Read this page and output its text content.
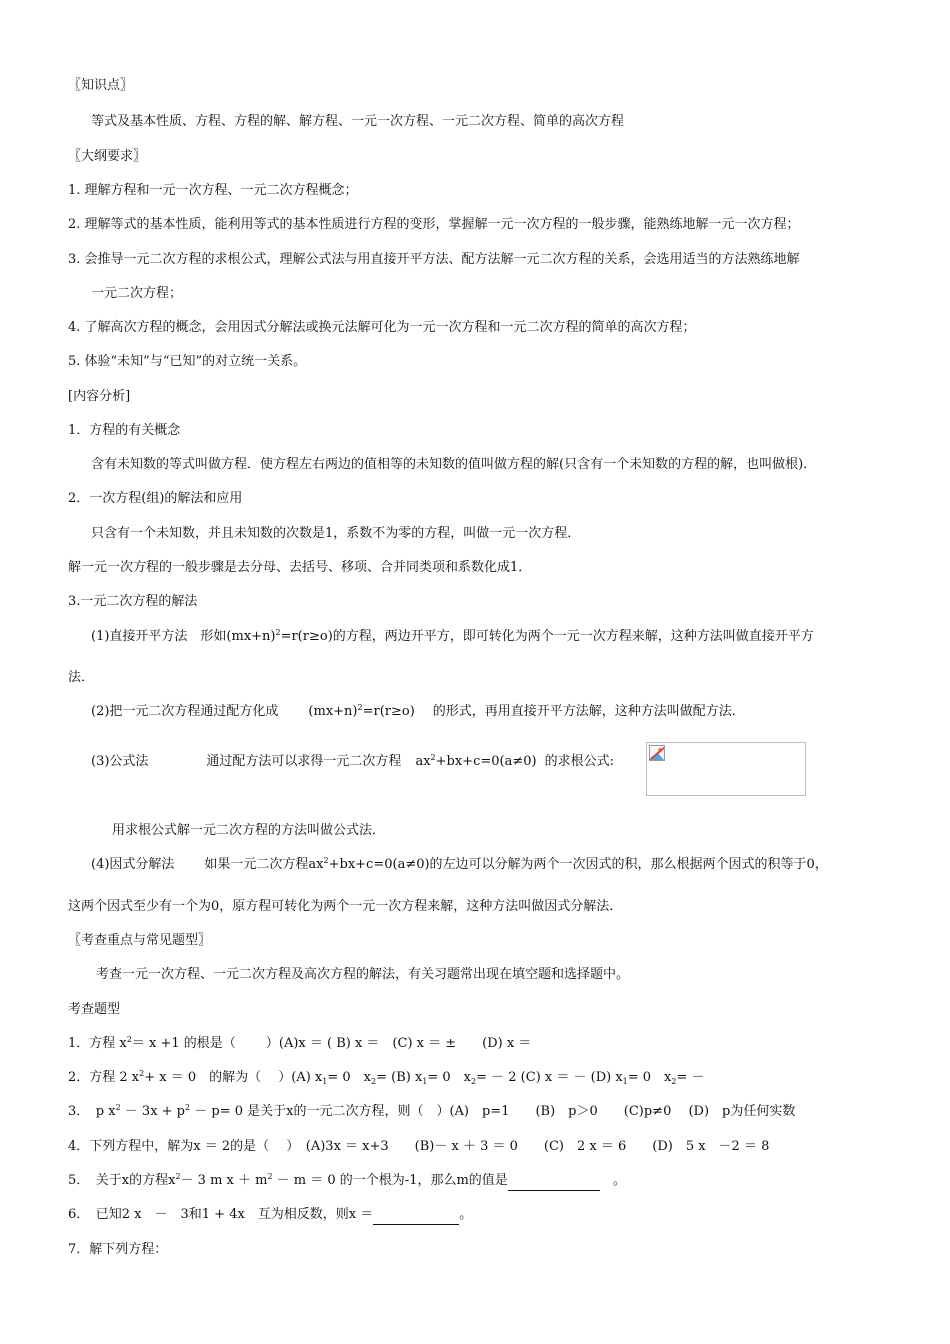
〖知识点〗
等式及基本性质、方程、方程的解、解方程、一元一次方程、一元二次方程、简单的高次方程
〖大纲要求〗
1. 理解方程和一元一次方程、一元二次方程概念；
2. 理解等式的基本性质，能利用等式的基本性质进行方程的变形，掌握解一元一次方程的一般步骤，能熟练地解一元一次方程；
3. 会推导一元二次方程的求根公式，理解公式法与用直接开平方法、配方法解一元二次方程的关系，会选用适当的方法熟练地解
一元二次方程；
4. 了解高次方程的概念，会用因式分解法或换元法解可化为一元一次方程和一元二次方程的简单的高次方程；
5. 体验“未知”与“已知”的对立统一关系。
[内容分析]
1．方程的有关概念
含有未知数的等式叫做方程．使方程左右两边的值相等的未知数的值叫做方程的解(只含有一个未知数的方程的解，也叫做根)．
2．一次方程(组)的解法和应用
只含有一个未知数，并且未知数的次数是1，系数不为零的方程，叫做一元一次方程．
解一元一次方程的一般步骤是去分母、去括号、移项、合并同类项和系数化成1．
3.一元二次方程的解法
(1)直接开平方法　形如$(mx+n)^2=r(r\ge o)$的方程，两边开平方，即可转化为两个一元一次方程来解，这种方法叫做直接开平方
法．
(2)把一元二次方程通过配方化成 $(mx+n)^2=r(r\ge o)$ 的形式，再用直接开平方法解，这种方法叫做配方法．
(3)公式法	通过配方法可以求得一元二次方程 $ax^2+bx+c=0(a\ne 0)$ 的求根公式:
用求根公式解一元二次方程的方法叫做公式法．
(4)因式分解法 如果一元二次方程$ax^2+bx+c=0(a\ne 0)$的左边可以分解为两个一次因式的积，那么根据两个因式的积等于0，
这两个因式至少有一个为0，原方程可转化为两个一元一次方程来解，这种方法叫做因式分解法．
〖考查重点与常见题型〗
考查一元一次方程、一元二次方程及高次方程的解法，有关习题常出现在填空题和选择题中。
考查题型
1．方程 $x^2= x +1$ 的根是（　　 ）(A)x ＝ ( B) x ＝　(C) x ＝ ±　　(D) x ＝
2．方程 2 $x^2+ x = 0$　的解为（　 ）(A) $x_1= 0$　$x_2= (B)$ $x_1= 0$　$x_2= - 2$ (C) x ＝ － (D) $x_1= 0$　$x_2=$ －
3．　p $x^2 - 3x + p^2 - p= 0$ 是关于x的一元二次方程，则（　）(A)　p=1　　(B)　p＞0　　(C)p≠0　 (D)　p为任何实数
4．下列方程中，解为x ＝ 2的是（　 ）　(A)3x ＝ x+3　　(B)－ x ＋ 3 ＝ 0　　(C)　2 x ＝ 6　　(D)　5 x　－2 ＝ 8
5．　关于x的方程$x^2- 3$ m $x + m^2 - m = 0$ 的一个根为-1，那么m的值是	　。
6．　已知2 x　－　3和1 + 4x　互为相反数，则x ＝	。
7．解下列方程：
